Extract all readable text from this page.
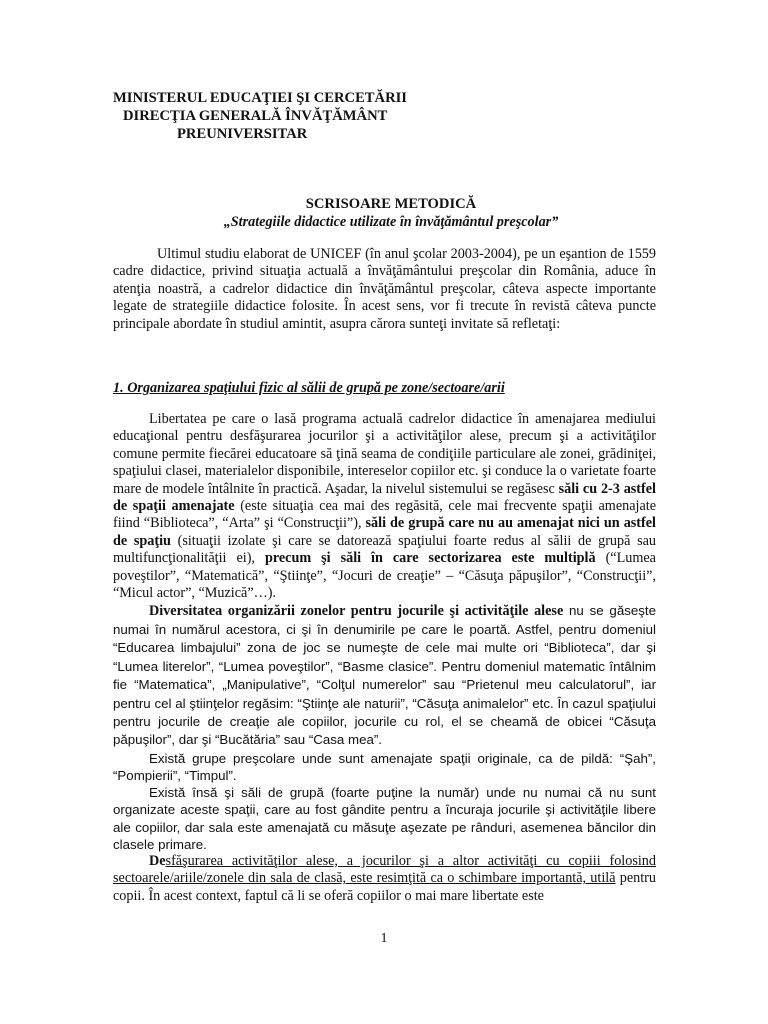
MINISTERUL EDUCAŢIEI ŞI CERCETĂRII
DIRECŢIA GENERALĂ ÎNVĂŢĂMÂNT
PREUNIVERSITAR
SCRISOARE METODICĂ
„Strategiile didactice utilizate în învăţământul preşcolar”

Ultimul studiu elaborat de UNICEF (în anul şcolar 2003-2004), pe un eşantion de 1559 cadre didactice, privind situaţia actuală a învăţământului preşcolar din România, aduce în atenţia noastră, a cadrelor didactice din învăţământul preşcolar, câteva aspecte importante legate de strategiile didactice folosite. În acest sens, vor fi trecute în revistă câteva puncte principale abordate în studiul amintit, asupra cărora sunteţi invitate să refletaţi:

1. Organizarea spaţiului fizic al sălii de grupă pe zone/sectoare/arii

Libertatea pe care o lasă programa actuală cadrelor didactice în amenajarea mediului educaţional pentru desfăşurarea jocurilor şi a activităţilor alese, precum şi a activităţilor comune permite fiecărei educatoare să ţină seama de condiţiile particulare ale zonei, grădiniţei, spaţiului clasei, materialelor disponibile, intereselor copiilor etc. şi conduce la o varietate foarte mare de modele întâlnite în practică. Aşadar, la nivelul sistemului se regăsesc săli cu 2-3 astfel de spaţii amenajate (este situaţia cea mai des regăsită, cele mai frecvente spaţii amenajate fiind “Biblioteca”, “Arta” şi “Construcţii”), săli de grupă care nu au amenajat nici un astfel de spaţiu (situaţii izolate şi care se datorează spaţiului foarte redus al sălii de grupă sau multifuncţionalităţii ei), precum şi săli în care sectorizarea este multiplă (“Lumea poveştilor”, “Matematică”, “Ştiinţe”, “Jocuri de creaţie” – “Căsuţa păpuşilor”, “Construcţii”, “Micul actor”, “Muzică”…).

Diversitatea organizării zonelor pentru jocurile şi activităţile alese nu se găseşte numai în numărul acestora, ci şi în denumirile pe care le poartă. Astfel, pentru domeniul “Educarea limbajului” zona de joc se numeşte de cele mai multe ori “Biblioteca”, dar şi “Lumea literelor”, “Lumea poveştilor”, “Basme clasice”. Pentru domeniul matematic întâlnim fie “Matematica”, „Manipulative”, “Colţul numerelor” sau “Prietenul meu calculatorul”, iar pentru cel al ştiinţelor regăsim: “Ştiinţe ale naturii”, “Căsuţa animalelor” etc. În cazul spaţiului pentru jocurile de creaţie ale copiilor, jocurile cu rol, el se cheamă de obicei “Căsuţa păpuşilor”, dar şi “Bucătăria” sau “Casa mea”.

Există grupe preşcolare unde sunt amenajate spaţii originale, ca de pildă: “Şah”, “Pompierii”, “Timpul”.

Există însă şi săli de grupă (foarte puţine la număr) unde nu numai că nu sunt organizate aceste spaţii, care au fost gândite pentru a încuraja jocurile şi activităţile libere ale copiilor, dar sala este amenajată cu măsuţe aşezate pe rânduri, asemenea băncilor din clasele primare.

Desfăşurarea activităţilor alese, a jocurilor şi a altor activităţi cu copiii folosind sectoarele/ariile/zonele din sala de clasă, este resimţită ca o schimbare importantă, utilă pentru copii. În acest context, faptul că li se oferă copiilor o mai mare libertate este

1
